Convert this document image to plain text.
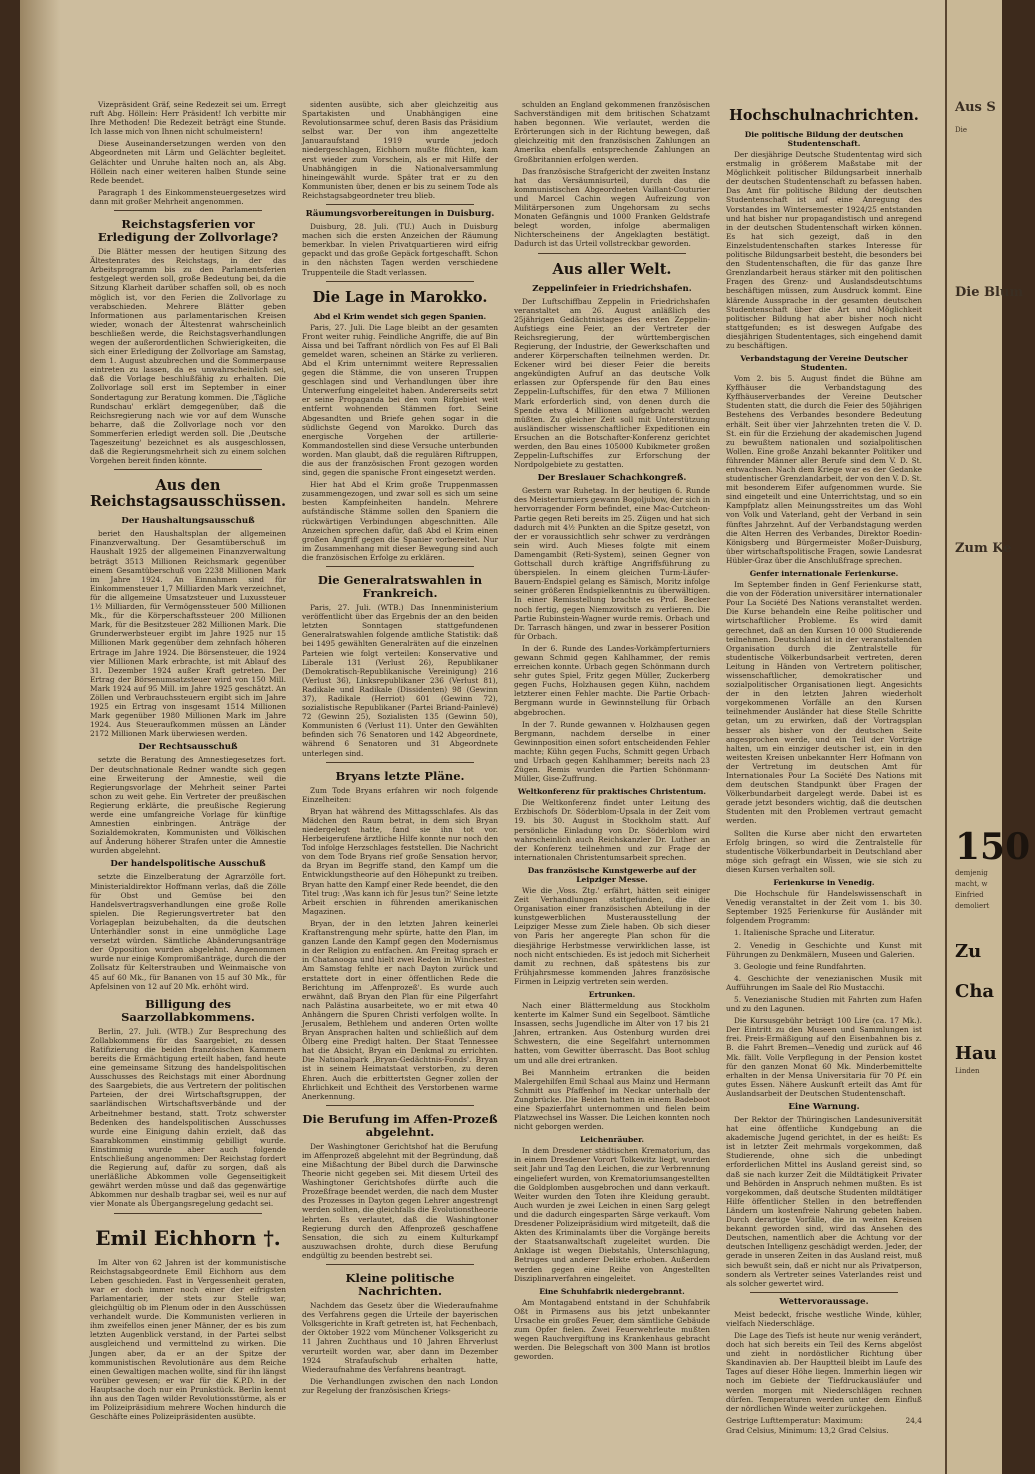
Vizepräsident Gräf, seine Redezeit sei um. Erregt ruft Abg. Höllein: Herr Präsident! Ich verbitte mir Ihre Methoden! Die Redezeit beträgt eine Stunde. Ich lasse mich von Ihnen nicht schulmeistern!

Diese Auseinandersetzungen werden von den Abgeordneten mit Lärm und Gelächter begleitet. Gelächter und Unruhe halten noch an, als Abg. Höllein nach einer weiteren halben Stunde seine Rede beendet.

Paragraph 1 des Einkommensteuergesetzes wird dann mit großer Mehrheit angenommen.

Reichstagsferien vor Erledigung der Zollvorlage?

Die Blätter messen der heutigen Sitzung des Ältestenrates des Reichstags, in der das Arbeitsprogramm bis zu den Parlamentsferien festgelegt werden soll, große Bedeutung bei, da die Sitzung Klarheit darüber schaffen soll, ob es noch möglich ist, vor den Ferien die Zollvorlage zu verabschieden. Mehrere Blätter geben Informationen aus parlamentarischen Kreisen wieder, wonach der Ältestenrat wahrscheinlich beschließen werde, die Reichstagsverhandlungen wegen der außerordentlichen Schwierigkeiten, die sich einer Erledigung der Zollvorlage am Samstag, dem 1. August abzubrechen und die Sommerpause eintreten zu lassen, da es unwahrscheinlich sei, daß die Vorlage beschlußfähig zu erhalten. Die Zollvorlage soll erst im September in einer Sondertagung zur Beratung kommen. Die ‚Tägliche Rundschau' erklärt demgegenüber, daß die Reichsregierung nach wie vor auf dem Wunsche beharre, daß die Zollvorlage noch vor den Sommerferien erledigt werden soll. Die ‚Deutsche Tageszeitung' bezeichnet es als ausgeschlossen, daß die Regierungsmehrheit sich zu einem solchen Vorgehen bereit finden könnte.

Aus den Reichstagsausschüssen.
Der Haushaltungsausschuß

beriet den Haushaltsplan der allgemeinen Finanzverwaltung. Der Gesamtüberschuß im Haushalt 1925 der allgemeinen Finanzverwaltung beträgt 3513 Millionen Reichsmark gegenüber einem Gesamtüberschuß von 2238 Millionen Mark im Jahre 1924. An Einnahmen sind für Einkommensteuer 1,7 Milliarden Mark verzeichnet, für die allgemeine Umsatzsteuer und Luxussteuer 1½ Milliarden, für Vermögenssteuer 500 Millionen Mk., für die Körperschaftssteuer 200 Millionen Mark, für die Besitzsteuer 282 Millionen Mark. Die Grunderwerbsteuer ergibt im Jahre 1925 nur 15 Millionen Mark gegenüber dem zehnfach höheren Ertrage im Jahre 1924. Die Börsensteuer, die 1924 vier Millionen Mark erbrachte, ist mit Ablauf des 31. Dezember 1924 außer Kraft getreten. Der Ertrag der Börsenumsatzsteuer wird von 150 Mill. Mark 1924 auf 95 Mill. im Jahre 1925 geschätzt. An Zöllen und Verbrauchssteuern ergibt sich im Jahre 1925 ein Ertrag von insgesamt 1514 Millionen Mark gegenüber 1980 Millionen Mark im Jahre 1924. Aus Steueraufkommen müssen an Länder 2172 Millionen Mark überwiesen werden.

Der Rechtsausschuß

setzte die Beratung des Amnestiegesetzes fort. Der deutschnationale Redner wandte sich gegen eine Erweiterung der Amnestie, weil die Regierungsvorlage der Mehrheit seiner Partei schon zu weit gehe. Ein Vertreter der preußischen Regierung erklärte, die preußische Regierung werde eine umfangreiche Vorlage für künftige Amnestien einbringen. Anträge der Sozialdemokraten, Kommunisten und Völkischen auf Änderung höherer Strafen unter die Amnestie wurden abgelehnt.

Der handelspolitische Ausschuß

setzte die Einzelberatung der Agrarzölle fort. Ministerialdirektor Hoffmann verlas, daß die Zölle für Obst und Gemüse bei den Handelsvertragsverhandlungen eine große Rolle spielen. Die Regierungsvertreter bat den Vorlageplan beizubehalten, da die deutschen Unterhändler sonst in eine unmögliche Lage versetzt würden. Sämtliche Abänderungsanträge der Opposition wurden abgelehnt. Angenommen wurde nur einige Kompromißanträge, durch die der Zollsatz für Kelterstrauben und Weinmaische von 45 auf 60 Mk., für Bananen von 15 auf 30 Mk., für Apfelsinen von 12 auf 20 Mk. erhöht wird.

Billigung des Saarzollabkommens.

Berlin, 27. Juli. (WTB.) Zur Besprechung des Zollabkommens für das Saargebiet, zu dessen Ratifizierung die beiden französischen Kammern bereits die Ermächtigung erteilt haben, fand heute eine gemeinsame Sitzung des handelspolitischen Ausschusses des Reichstags mit einer Abordnung des Saargebiets, die aus Vertretern der politischen Parteien, der drei Wirtschaftsgruppen, der saarländischen Wirtschaftsverbände und der Arbeitnehmer bestand, statt. Trotz schwerster Bedenken des handelspolitischen Ausschusses wurde eine Einigung dahin erzielt, daß das Saarabkommen einstimmig gebilligt wurde. Einstimmig wurde aber auch folgende Entschließung angenommen: Der Reichstag fordert die Regierung auf, dafür zu sorgen, daß als unerläßliche Abkommen volle Gegenseitigkeit gewährt werden müsse und daß das gegenwärtige Abkommen nur deshalb tragbar sei, weil es nur auf vier Monate als Übergangsregelung gedacht sei.

Emil Eichhorn †.

Im Alter von 62 Jahren ist der kommunistische Reichstagsabgeordnete Emil Eichhorn aus dem Leben geschieden. Fast in Vergessenheit geraten, war er doch immer noch einer der eifrigsten Parlamentarier, der stets zur Stelle war, gleichgültig ob im Plenum oder in den Ausschüssen verhandelt wurde. Die Kommunisten verlieren in ihm zweifellos einen jener Männer, der es bis zum letzten Augenblick verstand, in der Partei selbst ausgleichend und vermittelnd zu wirken. Die Jungen aber, da er an der Spitze der kommunistischen Revolutionäre aus dem Reiche einen Gewaltigen machen wollte, sind für ihn längst vorüber gewesen; er war für die K.P.D. in der Hauptsache doch nur ein Prunkstück. Berlin kennt ihn aus den Tagen wilder Revolutionsstürme, als er im Polizeipräsidium mehrere Wochen hindurch die Geschäfte eines Polizeipräsidenten ausübte.

sidenten ausübte, sich aber gleichzeitig aus Spartakisten und Unabhängigen eine Revolutionsarmee schuf, deren Basis das Präsidium selbst war. Der von ihm angezettelte Januaraufstand 1919 wurde jedoch niedergeschlagen, Eichhorn mußte flüchten, kam erst wieder zum Vorschein, als er mit Hilfe der Unabhängigen in die Nationalversammlung hineingewählt wurde. Später trat er zu den Kommunisten über, denen er bis zu seinem Tode als Reichstagsabgeordneter treu blieb.

Räumungsvorbereitungen in Duisburg.

Duisburg, 28. Juli. (TU.) Auch in Duisburg machen sich die ersten Anzeichen der Räumung bemerkbar. In vielen Privatquartieren wird eifrig gepackt und das große Gepäck fortgeschafft. Schon in den nächsten Tagen werden verschiedene Truppenteile die Stadt verlassen.

Die Lage in Marokko.
Abd el Krim wendet sich gegen Spanien.

Paris, 27. Juli. Die Lage bleibt an der gesamten Front weiter ruhig. Feindliche Angriffe, die auf Bin Aissa und bei Taffrant nördlich von Fes auf El Bali gemeldet waren, scheinen an Stärke zu verlieren. Abd el Krim unternimmt weitere Repressalien gegen die Stämme, die von unseren Truppen geschlagen sind und Verhandlungen über ihre Unterwerfung eingeleitet haben. Andererseits setzt er seine Propaganda bei den vom Rifgebiet weit entfernt wohnenden Stämmen fort. Seine Abgesandten und Briefe gehen sogar in die südlichste Gegend von Marokko. Durch das energische Vorgehen der artillerie-Kommandostellen sind diese Versuche unterbunden worden. Man glaubt, daß die regulären Riftruppen, die aus der französischen Front gezogen worden sind, gegen die spanische Front eingesetzt werden.

Hier hat Abd el Krim große Truppenmassen zusammengezogen, und zwar soll es sich um seine besten Kampfeinheiten handeln. Mehrere aufständische Stämme sollen den Spaniern die rückwärtigen Verbindungen abgeschnitten. Alle Anzeichen sprechen dafür, daß Abd el Krim einen großen Angriff gegen die Spanier vorbereitet. Nur im Zusammenhang mit dieser Bewegung sind auch die französischen Erfolge zu erklären.

Die Generalratswahlen in Frankreich.

Paris, 27. Juli. (WTB.) Das Innenministerium veröffentlicht über das Ergebnis der an den beiden letzten Sonntagen stattgefundenen Generalratswahlen folgende amtliche Statistik: daß bei 1495 gewählten Generalräten auf die einzelnen Parteien wie folgt verteilen: Konservative und Liberale 131 (Verlust 26), Republikaner (Demokratisch-Republikanische Vereinigung) 216 (Verlust 36), Linksrepublikaner 236 (Verlust 81), Radikale und Radikale (Dissidenten) 98 (Gewinn 37), Radikale (Herriot) 601 (Gewinn 72), sozialistische Republikaner (Partei Briand-Painlevé) 72 (Gewinn 25), Sozialisten 135 (Gewinn 50), Kommunisten 6 (Verlust 11). Unter den Gewählten befinden sich 76 Senatoren und 142 Abgeordnete, während 6 Senatoren und 31 Abgeordnete unterlegen sind.

Bryans letzte Pläne.

Zum Tode Bryans erfahren wir noch folgende Einzelheiten:

Bryan hat während des Mittagsschlafes. Als das Mädchen den Raum betrat, in dem sich Bryan niedergelegt hatte, fand sie ihn tot vor. Herbeigerufene ärztliche Hilfe konnte nur noch den Tod infolge Herzschlages feststellen. Die Nachricht von dem Tode Bryans rief große Sensation hervor, da Bryan im Begriffe stand, den Kampf um die Entwicklungstheorie auf den Höhepunkt zu treiben. Bryan hatte den Kampf einer Rede beendet, die den Titel trug: ‚Was kann ich für Jesus tun?' Seine letzte Arbeit erschien in führenden amerikanischen Magazinen.

Bryan, der in den letzten Jahren keinerlei Kraftanstrengung mehr spürte, hatte den Plan, im ganzen Lande den Kampf gegen den Modernismus in der Religion zu entfachen. Am Freitag sprach er in Chatanooga und hielt zwei Reden in Winchester. Am Samstag fehlte er nach Dayton zurück und erstattete dort in einer öffentlichen Rede die Berichtung im ‚Affenprozeß'. Es wurde auch erwähnt, daß Bryan den Plan für eine Pilgerfahrt nach Palästina ausarbeitete, wo er mit etwa 40 Anhängern die Spuren Christi verfolgen wollte. In Jerusalem, Bethlehem und anderen Orten wollte Bryan Ansprachen halten und schließlich auf dem Ölberg eine Predigt halten. Der Staat Tennessee hat die Absicht, Bryan ein Denkmal zu errichten. Die Nationalpark ‚Bryan-Gedächtnis-Fonds'. Bryan ist in seinem Heimatstaat verstorben, zu deren Ehren. Auch die erbittertsten Gegner zollen der Ehrlichkeit und Echtheit des Verstorbenen warme Anerkennung.

Die Berufung im Affen-Prozeß abgelehnt.

Der Washingtoner Gerichtshof hat die Berufung im Affenprozeß abgelehnt mit der Begründung, daß eine Mißachtung der Bibel durch die Darwinsche Theorie nicht gegeben sei. Mit diesem Urteil des Washingtoner Gerichtshofes dürfte auch die Prozeßfrage beendet werden, die nach dem Muster des Prozesses in Dayton gegen Lehrer angestrengt werden sollten, die gleichfalls die Evolutionstheorie lehrten. Es verlautet, daß die Washingtoner Regierung durch den Affenprozeß geschaffene Sensation, die sich zu einem Kulturkampf auszuwachsen drohte, durch diese Berufung endgültig zu beenden bestrebt sei.

Kleine politische Nachrichten.

Nachdem das Gesetz über die Wiederaufnahme des Verfahrens gegen die Urteile der bayerischen Volksgerichte in Kraft getreten ist, hat Fechenbach, der Oktober 1922 vom Münchener Volksgericht zu 11 Jahren Zuchthaus und 10 Jahren Ehrverlust verurteilt worden war, aber dann im Dezember 1924 Strafaufschub erhalten hatte, Wiederaufnahme des Verfahrens beantragt.

Die Verhandlungen zwischen den nach London zur Regelung der französischen Kriegs-

schulden an England gekommenen französischen Sachverständigen mit dem britischen Schatzamt haben begonnen. Wie verlautet, werden die Erörterungen sich in der Richtung bewegen, daß gleichzeitig mit den französischen Zahlungen an Amerika ebenfalls entsprechende Zahlungen an Großbritannien erfolgen werden.

Das französische Strafgericht der zweiten Instanz hat das Versäumnisurteil, durch das die kommunistischen Abgeordneten Vaillant-Couturier und Marcel Cachin wegen Aufreizung von Militärpersonen zum Ungehorsam zu sechs Monaten Gefängnis und 1000 Franken Geldstrafe belegt worden, infolge abermaligen Nichterscheinens der Angeklagten bestätigt. Dadurch ist das Urteil vollstreckbar geworden.

Aus aller Welt.
Zeppelinfeier in Friedrichshafen.

Der Luftschiffbau Zeppelin in Friedrichshafen veranstaltet am 26. August anläßlich des 25jährigen Gedächtnistages des ersten Zeppelin-Aufstiegs eine Feier, an der Vertreter der Reichsregierung, der württembergischen Regierung, der Industrie, der Gewerkschaften und anderer Körperschaften teilnehmen werden. Dr. Eckener wird bei dieser Feier die bereits angekündigten Aufruf an das deutsche Volk erlassen zur Opferspende für den Bau eines Zeppelin-Luftschiffes, für den etwa 7 Millionen Mark erforderlich sind, von denen durch die Spende etwa 4 Millionen aufgebracht werden müßten. Zu gleicher Zeit soll mit Unterstützung ausländischer wissenschaftlicher Expeditionen ein Ersuchen an die Botschafter-Konferenz gerichtet werden, den Bau eines 105000 Kubikmeter großen Zeppelin-Luftschiffes zur Erforschung der Nordpolgebiete zu gestatten.

Der Breslauer Schachkongreß.

Gestern war Ruhetag. In der heutigen 6. Runde des Meisterturniers gewann Bogoljubow, der sich in hervorragender Form befindet, eine Mac-Cutcheon-Partie gegen Reti bereits im 25. Zügen und hat sich dadurch mit 4½ Punkten an die Spitze gesetzt, von der er voraussichtlich sehr schwer zu verdrängen sein wird. Auch Mieses folgte mit einem Damengambit (Reti-System), seinen Gegner von Gottschall durch kräftige Angriffsführung zu überspielen. In einem gleichen Turm-Läufer-Bauern-Endspiel gelang es Sämisch, Moritz infolge seiner größeren Endspielkenntnis zu überwältigen. In einer Remisstellung brachte es Prof. Becker noch fertig, gegen Niemzowitsch zu verlieren. Die Partie Rubinstein-Wagner wurde remis. Orbach und Dr. Tarrasch hängen, und zwar in besserer Position für Orbach.

In der 6. Runde des Landes-Vorkämpferturniers gewann Schmid gegen Kahlhammer, der remis erreichen konnte. Urbach gegen Schönmann durch sehr gutes Spiel, Fritz gegen Müller, Zuckerberg gegen Fuchs, Holzhausen gegen Kühn, nachdem letzterer einen Fehler machte. Die Partie Orbach-Bergmann wurde in Gewinnstellung für Orbach abgebrochen.

In der 7. Runde gewannen v. Holzhausen gegen Bergmann, nachdem derselbe in einer Gewinnposition einen sofort entscheidenden Fehler machte; Kühn gegen Fuchs, Schmitt gegen Urbach und Urbach gegen Kahlhammer; bereits nach 23 Zügen. Remis wurden die Partien Schönmann-Müller, Gise-Zuffrung.

Weltkonferenz für praktisches Christentum.

Die Weltkonferenz findet unter Leitung des Erzbischofs Dr. Söderblom-Upsala in der Zeit vom 19. bis 30. August in Stockholm statt. Auf persönliche Einladung von Dr. Söderblom wird wahrscheinlich auch Reichskanzler Dr. Luther an der Konferenz teilnehmen und zur Frage der internationalen Christentumsarbeit sprechen.

Das französische Kunstgewerbe auf der Leipziger Messe.

Wie die ‚Voss. Ztg.' erfährt, hätten seit einiger Zeit Verhandlungen stattgefunden, die die Organisation einer französischen Abteilung in der kunstgewerblichen Musterausstellung der Leipziger Messe zum Ziele haben. Ob sich dieser von Paris her angeregte Plan schon für die diesjährige Herbstmesse verwirklichen lasse, ist noch nicht entschieden. Es ist jedoch mit Sicherheit damit zu rechnen, daß spätestens bis zur Frühjahrsmesse kommenden Jahres französische Firmen in Leipzig vertreten sein werden.

Ertrunken.

Nach einer Blättermeldung aus Stockholm kenterte im Kalmer Sund ein Segelboot. Sämtliche Insassen, sechs Jugendliche im Alter von 17 bis 21 Jahren, ertranken. Aus Ostenburg wurden drei Schwestern, die eine Segelfahrt unternommen hatten, vom Gewitter überrascht. Das Boot schlug um und alle drei ertranken.

Bei Mannheim ertranken die beiden Malergehilfen Emil Schaal aus Mainz und Hermann Schmitt aus Pfaffenhof im Neckar unterhalb der Zungbrücke. Die Beiden hatten in einem Badeboot eine Spazierfahrt unternommen und fielen beim Platzwechsel ins Wasser. Die Leichen konnten noch nicht geborgen werden.

Leichenräuber.

In dem Dresdener städtischen Krematorium, das in einem Dresdener Vorort Tolkewitz liegt, wurden seit Jahr und Tag den Leichen, die zur Verbrennung eingeliefert wurden, von Krematoriumsangestellten die Goldplomben ausgebrochen und dann verkauft. Weiter wurden den Toten ihre Kleidung geraubt. Auch wurden je zwei Leichen in einen Sarg gelegt und die dadurch eingesparten Särge verkauft. Vom Dresdener Polizeipräsidium wird mitgeteilt, daß die Akten des Kriminalamts über die Vorgänge bereits der Staatsanwaltschaft zugeleitet wurden. Die Anklage ist wegen Diebstahls, Unterschlagung, Betruges und anderer Delikte erhoben. Außerdem werden gegen eine Reihe von Angestellten Disziplinarverfahren eingeleitet.

Eine Schuhfabrik niedergebrannt.

Am Montagabend entstand in der Schuhfabrik Oßt in Pirmasens aus bis jetzt unbekannter Ursache ein großes Feuer, dem sämtliche Gebäude zum Opfer fielen. Zwei Feuerwehrleute mußten wegen Rauchvergiftung ins Krankenhaus gebracht werden. Die Belegschaft von 300 Mann ist brotlos geworden.

Hochschulnachrichten.
Die politische Bildung der deutschen Studentenschaft.

Der diesjährige Deutsche Studententag wird sich erstmalig in größerem Maßstabe mit der Möglichkeit politischer Bildungsarbeit innerhalb der deutschen Studentenschaft zu befassen haben. Das Amt für politische Bildung der deutschen Studentenschaft ist auf eine Anregung des Vorstandes im Wintersemester 1924/25 entstanden und hat bisher nur propagandistisch und anregend in der deutschen Studentenschaft wirken können. Es hat sich gezeigt, daß in den Einzelstudentenschaften starkes Interesse für politische Bildungsarbeit besteht, die besonders bei den Studentenschaften, die für das ganze Ihre Grenzlandarbeit heraus stärker mit den politischen Fragen des Grenz- und Auslandsdeutschtums beschäftigen müssen, zum Ausdruck kommt. Eine klärende Aussprache in der gesamten deutschen Studentenschaft über die Art und Möglichkeit politischer Bildung hat aber bisher noch nicht stattgefunden; es ist deswegen Aufgabe des diesjährigen Studententages, sich eingehend damit zu beschäftigen.

Verbandstagung der Vereine Deutscher Studenten.

Vom 2. bis 5. August findet die Bühne am Kyffhäuser die Verbandstagung des Kyffhäuserverbandes der Vereine Deutscher Studenten statt, die durch die Feier des 50jährigen Bestehens des Verbandes besondere Bedeutung erhält. Seit über vier Jahrzehnten treten die V. D. St. ein für die Erziehung der akademischen Jugend zu bewußtem nationalen und sozialpolitischen Wollen. Eine große Anzahl bekannter Politiker und führender Männer aller Berufe sind dem V. D. St. entwachsen. Nach dem Kriege war es der Gedanke studentischer Grenzlandarbeit, der von den V. D. St. mit besonderem Eifer aufgenommen wurde. Sie sind eingeteilt und eine Unterrichtstag, und so ein Kampfplatz allen Meinungsstreites um das Wohl von Volk und Vaterland, geht der Verband in sein fünftes Jahrzehnt. Auf der Verbandstagung werden die Alten Herren des Verbandes, Direktor Roedin-Königsberg und Bürgermeister Moßer-Duisburg, über wirtschaftspolitische Fragen, sowie Landesrat Hübler-Graz über die Anschlußfrage sprechen.

Genfer internationale Ferienkurse.

Im September finden in Genf Ferienkurse statt, die von der Föderation universitärer internationaler Pour La Société Des Nations veranstaltet werden. Die Kurse behandeln eine Reihe politischer und wirtschaftlicher Probleme. Es wird damit gerechnet, daß an den Kursen 10 000 Studierende teilnehmen. Deutschland ist in der veranstaltenden Organisation durch die Zentralstelle für studentische Völkerbundsarbeit vertreten, deren Leitung in Händen von Vertretern politischer, wissenschaftlicher, demokratischer und sozialpolitischer Organisationen liegt. Angesichts der in den letzten Jahren wiederholt vorgekommenen Vorfälle an den Kursen teilnehmender Ausländer hat diese Stelle Schritte getan, um zu erwirken, daß der Vortragsplan besser als bisher von der deutschen Seite angesprochen werde, und ein Teil der Vorträge halten, um ein einziger deutscher ist, ein in den weitesten Kreisen unbekannter Herr Hofmann von der Vertretung im deutschen Amt für Internationales Pour La Société Des Nations mit dem deutschen Standpunkt über Fragen der Völkerbundarbeit dargelegt werde. Dabei ist es gerade jetzt besonders wichtig, daß die deutschen Studenten mit den Problemen vertraut gemacht werden.

Sollten die Kurse aber nicht den erwarteten Erfolg bringen, so wird die Zentralstelle für studentische Völkerbundarbeit in Deutschland aber möge sich gefragt ein Wissen, wie sie sich zu diesen Kursen verhalten soll.

Ferienkurse in Venedig.

Die Hochschule für Handelswissenschaft in Venedig veranstaltet in der Zeit vom 1. bis 30. September 1925 Ferienkurse für Ausländer mit folgendem Programm:

1. Italienische Sprache und Literatur.

2. Venedig in Geschichte und Kunst mit Führungen zu Denkmälern, Museen und Galerien.

3. Geologie und feine Rundfahrten.

4. Geschichte der venezianischen Musik mit Aufführungen im Saale del Rio Mustacchi.

5. Venezianische Studien mit Fahrten zum Hafen und zu den Lagunen.

Die Kursusgebühr beträgt 100 Lire (ca. 17 Mk.). Der Eintritt zu den Museen und Sammlungen ist frei. Preis-Ermäßigung auf den Eisenbahnen bis z. B. die Fahrt Bremen—Venedig und zurück auf 46 Mk. fällt. Volle Verpflegung in der Pension kostet für den ganzen Monat 60 Mk. Minderbemittelte erhalten in der Mensa Universitaria für 70 Pf. ein gutes Essen. Nähere Auskunft erteilt das Amt für Auslandsarbeit der Deutschen Studentenschaft.

Eine Warnung.

Der Rektor der Thüringischen Landesuniversität hat eine öffentliche Kundgebung an die akademische Jugend gerichtet, in der es heißt: Es ist in letzter Zeit mehrmals vorgekommen, daß Studierende, ohne sich die unbedingt erforderlichen Mittel ins Ausland gereist sind, so daß sie nach kurzer Zeit die Mildtätigkeit Privater und Behörden in Anspruch nehmen mußten. Es ist vorgekommen, daß deutsche Studenten mildtätiger Hilfe öffentlicher Stellen in den betreffenden Ländern um kostenfreie Nahrung gebeten haben. Durch derartige Vorfälle, die in weiten Kreisen bekannt geworden sind, wird das Ansehen des Deutschen, namentlich aber die Achtung vor der deutschen Intelligenz geschädigt werden. Jeder, der gerade in unseren Zeiten in das Ausland reist, muß sich bewußt sein, daß er nicht nur als Privatperson, sondern als Vertreter seines Vaterlandes reist und als solcher gewertet wird.

Wettervoraussage.

Meist bedeckt, frische westliche Winde, kühler, vielfach Niederschläge.

Die Lage des Tiefs ist heute nur wenig verändert, doch hat sich bereits ein Teil des Kerns abgelöst und zieht in nordöstlicher Richtung über Skandinavien ab. Der Hauptteil bleibt im Laufe des Tages auf dieser Höhe liegen. Immerhin liegen wir noch im Gebiete der Tiefdruckausläufer und werden morgen mit Niederschlägen rechnen dürfen. Temperaturen werden unter dem Einfluß der nördlichen Winde weiter zurückgehen.

Gestrige Lufttemperatur: Maximum:	24,4
Grad Celsius, Minimum: 13,2 Grad Celsius.
Aus S
Die
Die Blum
Zum Ke
150
demjenig
macht, w
Einfried
demoliert
Zu
Cha
Hau
Linden
